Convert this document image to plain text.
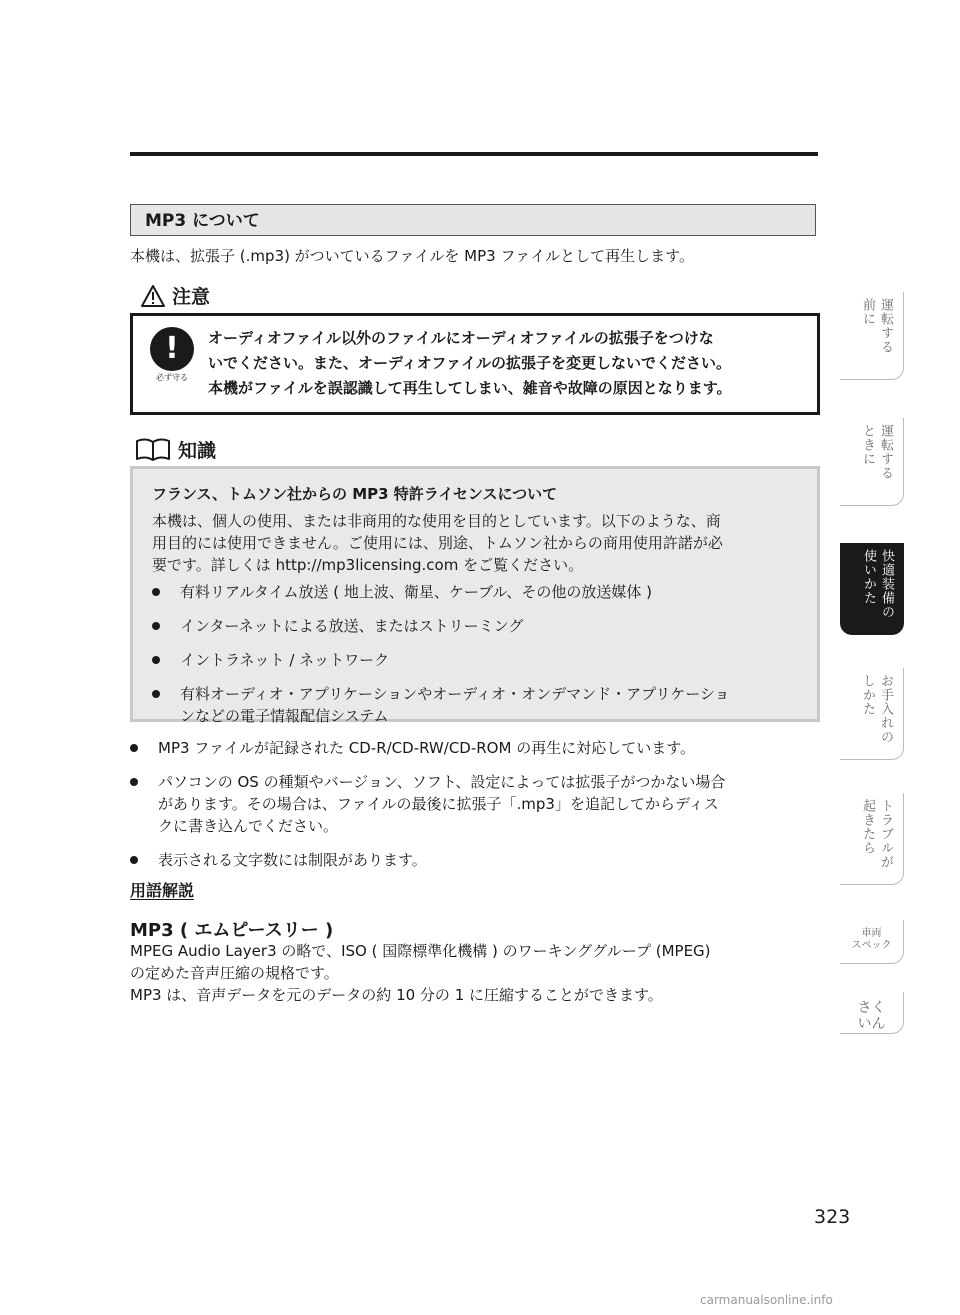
MP3 について
本機は、拡張子 (.mp3) がついているファイルを MP3 ファイルとして再生します。
注意
!
必ず守る
オーディオファイル以外のファイルにオーディオファイルの拡張子をつけな
いでください。また、オーディオファイルの拡張子を変更しないでください。
本機がファイルを誤認識して再生してしまい、雑音や故障の原因となります。
知識
フランス、トムソン社からの MP3 特許ライセンスについて
本機は、個人の使用、または非商用的な使用を目的としています。以下のような、商
用目的には使用できません。ご使用には、別途、トムソン社からの商用使用許諾が必
要です。詳しくは http://mp3licensing.com をご覧ください。
有料リアルタイム放送 ( 地上波、衛星、ケーブル、その他の放送媒体 )
インターネットによる放送、またはストリーミング
イントラネット / ネットワーク
有料オーディオ・アプリケーションやオーディオ・オンデマンド・アプリケーショ
ンなどの電子情報配信システム
MP3 ファイルが記録された CD-R/CD-RW/CD-ROM の再生に対応しています。
パソコンの OS の種類やバージョン、ソフト、設定によっては拡張子がつかない場合
があります。その場合は、ファイルの最後に拡張子「.mp3」を追記してからディス
クに書き込んでください。
表示される文字数には制限があります。
用語解説
MP3 ( エムピースリー )
MPEG Audio Layer3 の略で、ISO ( 国際標準化機構 ) のワーキンググループ (MPEG)
の定めた音声圧縮の規格です。
MP3 は、音声データを元のデータの約 10 分の 1 に圧縮することができます。
運転する
前に
運転する
ときに
快適装備の
使いかた
お手入れの
しかた
トラブルが
起きたら
車両
スペック
さく
いん
323
carmanualsonline.info
